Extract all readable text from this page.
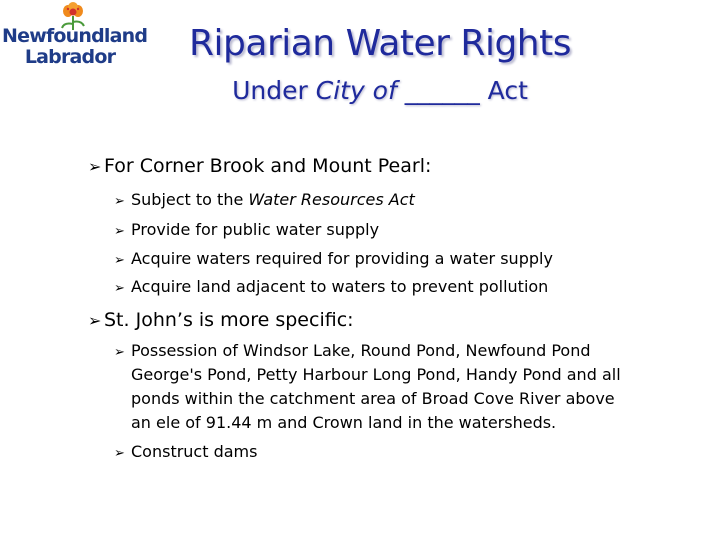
Newfoundland
Labrador	Riparian Water Rights
Under City of ______ Act
➢ For Corner Brook and Mount Pearl:
➢ Subject to the Water Resources Act
➢ Provide for public water supply
➢ Acquire waters required for providing a water supply
➢ Acquire land adjacent to waters to prevent pollution
➢ St. John’s is more specific:
➢ Possession of Windsor Lake, Round Pond, Newfound Pond
George's Pond, Petty Harbour Long Pond, Handy Pond and all
ponds within the catchment area of Broad Cove River above
an ele of 91.44 m and Crown land in the watersheds.
➢ Construct dams
